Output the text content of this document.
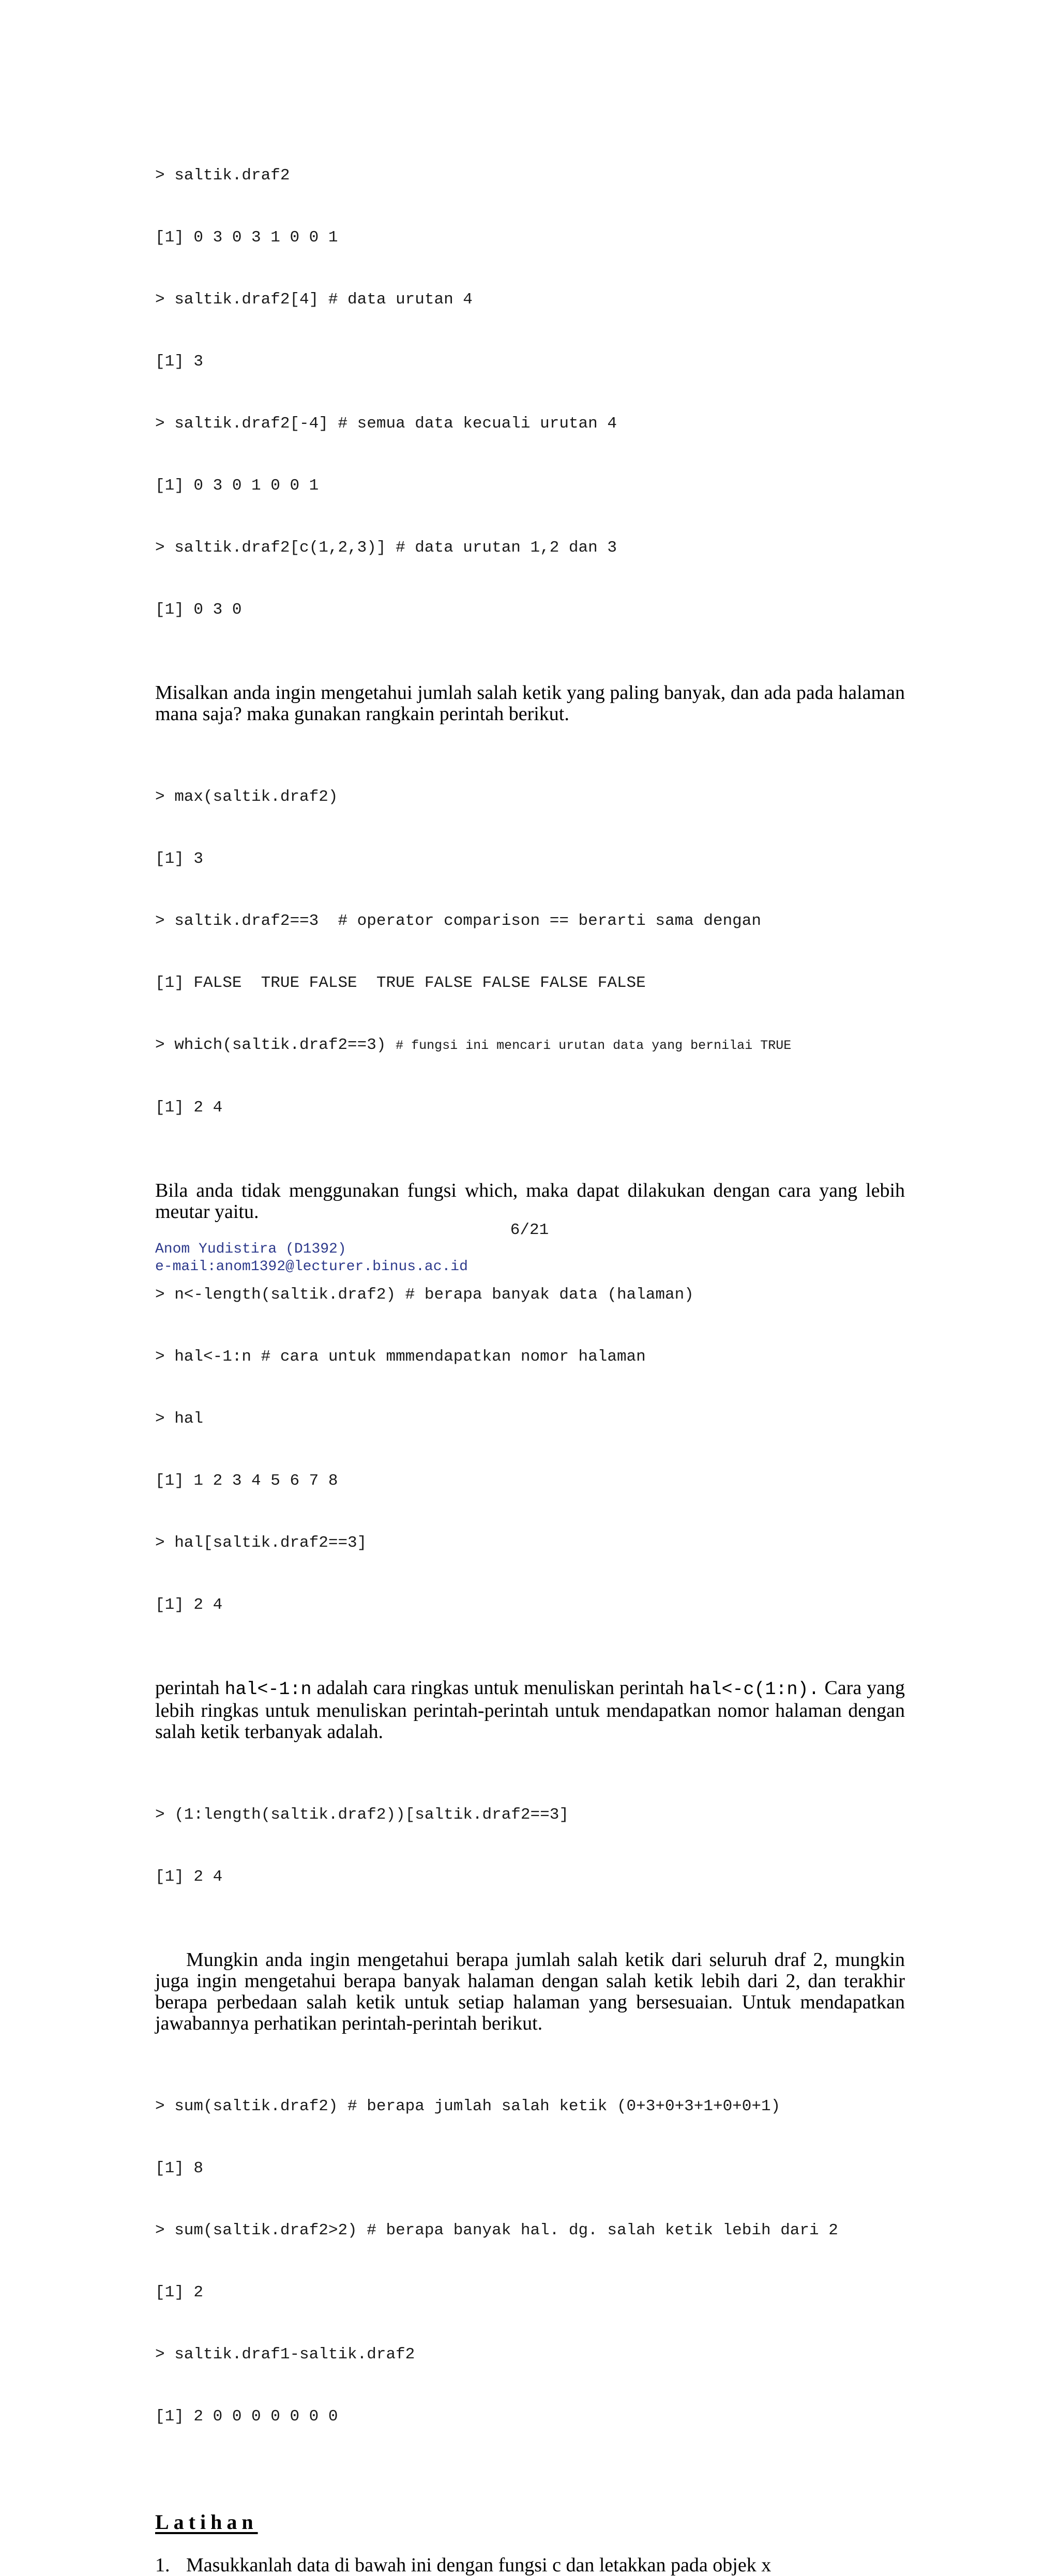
> saltik.draf2

[1] 0 3 0 3 1 0 0 1

> saltik.draf2[4] # data urutan 4

[1] 3

> saltik.draf2[-4] # semua data kecuali urutan 4

[1] 0 3 0 1 0 0 1

> saltik.draf2[c(1,2,3)] # data urutan 1,2 dan 3

[1] 0 3 0

Misalkan anda ingin mengetahui jumlah salah ketik yang paling banyak, dan ada pada halaman mana saja? maka gunakan rangkain perintah berikut.

> max(saltik.draf2)

[1] 3

> saltik.draf2==3  # operator comparison == berarti sama dengan

[1] FALSE  TRUE FALSE  TRUE FALSE FALSE FALSE FALSE

> which(saltik.draf2==3) # fungsi ini mencari urutan data yang bernilai TRUE

[1] 2 4

Bila anda tidak menggunakan fungsi which, maka dapat dilakukan dengan cara yang lebih meutar yaitu.

> n<-length(saltik.draf2) # berapa banyak data (halaman)

> hal<-1:n # cara untuk mmmendapatkan nomor halaman

> hal

[1] 1 2 3 4 5 6 7 8

> hal[saltik.draf2==3]

[1] 2 4

perintah hal<-1:n adalah cara ringkas untuk menuliskan perintah hal<-c(1:n). Cara yang lebih ringkas untuk menuliskan perintah-perintah untuk mendapatkan nomor halaman dengan salah ketik terbanyak adalah.

> (1:length(saltik.draf2))[saltik.draf2==3]

[1] 2 4

Mungkin anda ingin mengetahui berapa jumlah salah ketik dari seluruh draf 2, mungkin juga ingin mengetahui berapa banyak halaman dengan salah ketik lebih dari 2, dan terakhir berapa perbedaan salah ketik untuk setiap halaman yang bersesuaian. Untuk mendapatkan jawabannya perhatikan perintah-perintah berikut.

> sum(saltik.draf2) # berapa jumlah salah ketik (0+3+0+3+1+0+0+1)

[1] 8

> sum(saltik.draf2>2) # berapa banyak hal. dg. salah ketik lebih dari 2

[1] 2

> saltik.draf1-saltik.draf2

[1] 2 0 0 0 0 0 0 0

Latihan
1. Masukkanlah data di bawah ini dengan fungsi c dan letakkan pada objek x
6/21
Anom Yudistira (D1392)
e-mail:anom1392@lecturer.binus.ac.id
